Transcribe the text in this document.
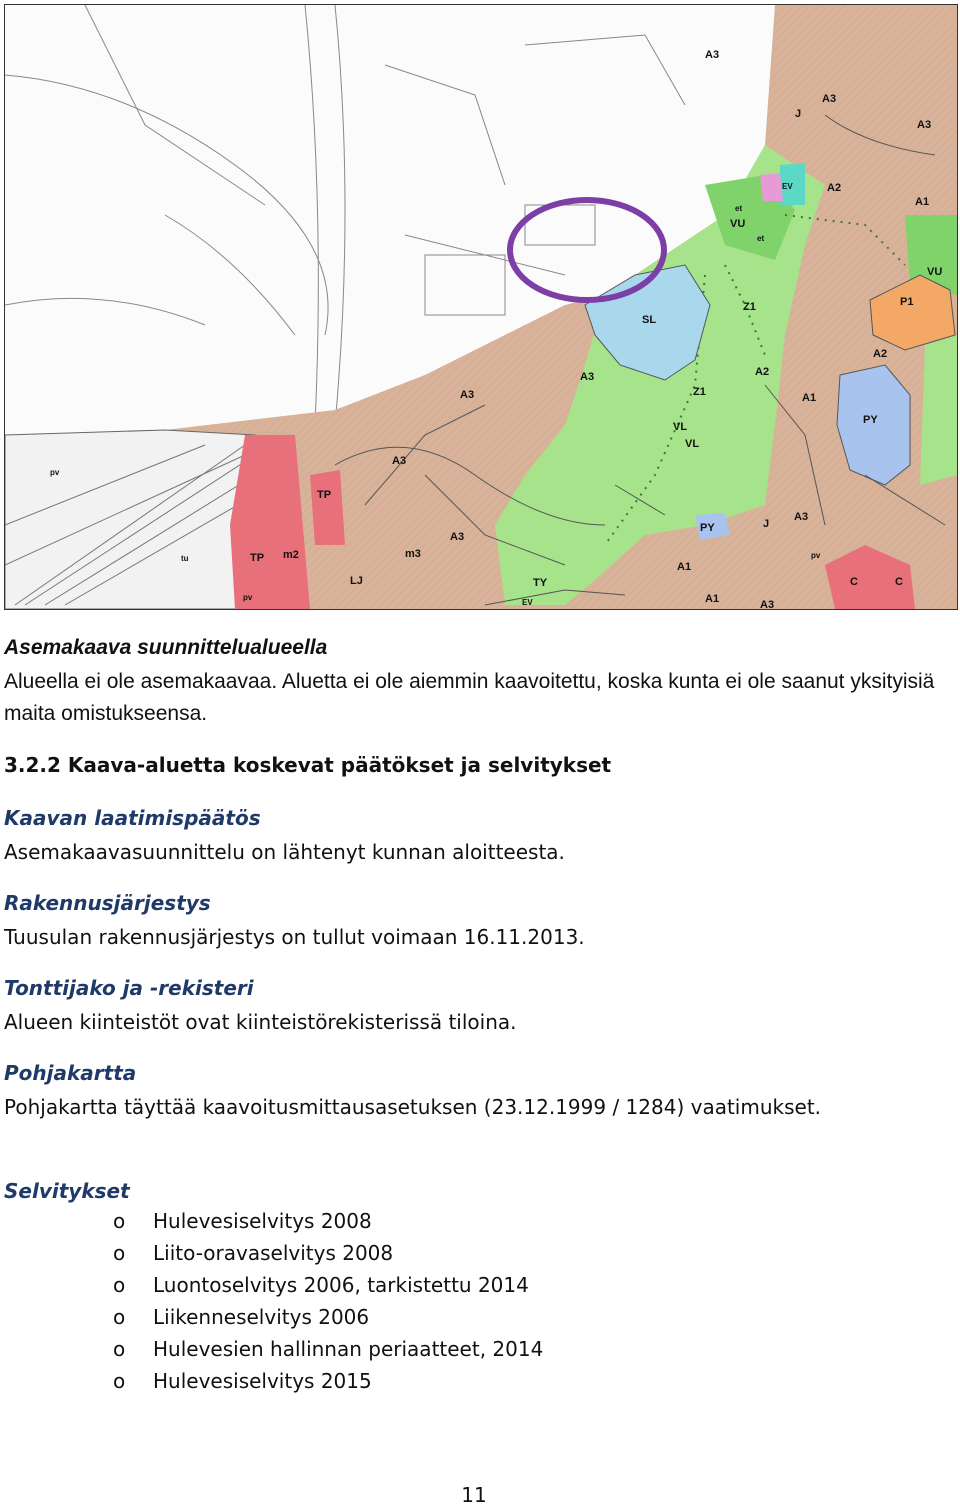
A3
A3
A3
A3
A3
A3
A3
A3
A3
A2
A2
A2
A1
A1
A1
A1
SL
VL
VL
VU
VU
EV
et
et
Z1
Z1
P1
PY
PY
TP
TP m2	m3
LJ	TY
pv
pv
pv
tu
C	C
J
J
EV
Asemakaava suunnittelualueella
Alueella ei ole asemakaavaa. Aluetta ei ole aiemmin kaavoitettu, koska kunta ei ole saanut yksityisiä maita omistukseensa.
3.2.2 Kaava-aluetta koskevat päätökset ja selvitykset
Kaavan laatimispäätös
Asemakaavasuunnittelu on lähtenyt kunnan aloitteesta.
Rakennusjärjestys
Tuusulan rakennusjärjestys on tullut voimaan 16.11.2013.
Tonttijako ja -rekisteri
Alueen kiinteistöt ovat kiinteistörekisterissä tiloina.
Pohjakartta
Pohjakartta täyttää kaavoitusmittausasetuksen (23.12.1999 / 1284) vaatimukset.
Selvitykset
o Hulevesiselvitys 2008
o Liito-oravaselvitys 2008
o Luontoselvitys 2006, tarkistettu 2014
o Liikenneselvitys 2006
o Hulevesien hallinnan periaatteet, 2014
o Hulevesiselvitys 2015
11
